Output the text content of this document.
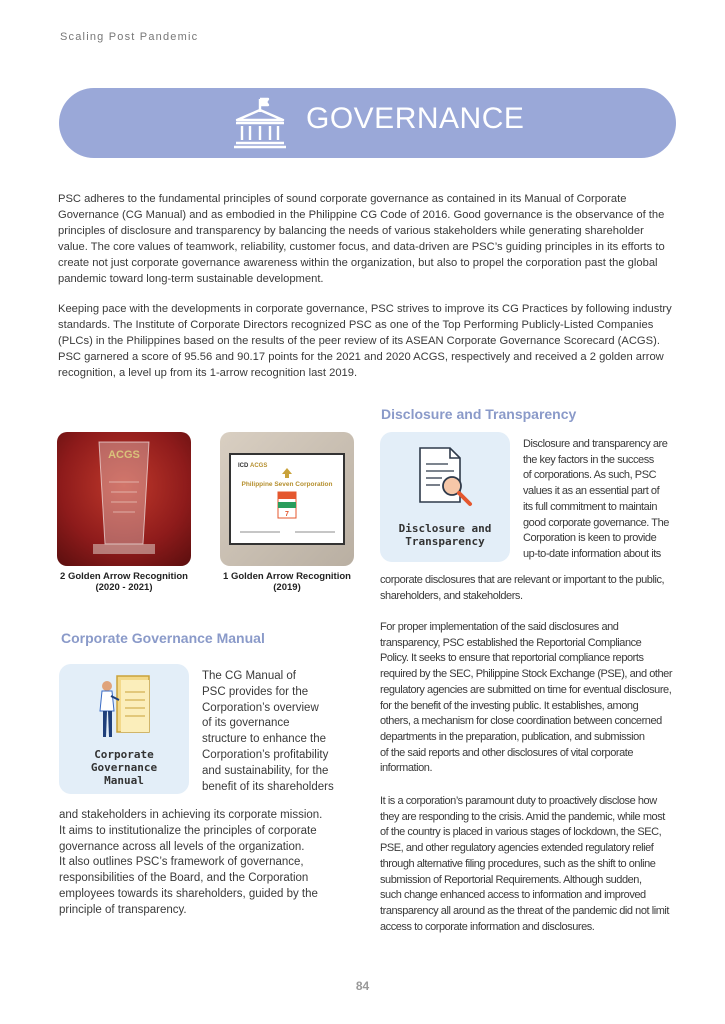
Scaling Post Pandemic
GOVERNANCE
PSC adheres to the fundamental principles of sound corporate governance as contained in its Manual of Corporate Governance (CG Manual) and as embodied in the Philippine CG Code of 2016. Good governance is the observance of the principles of disclosure and transparency by balancing the needs of various stakeholders while generating shareholder value. The core values of teamwork, reliability, customer focus, and data-driven are PSC’s guiding principles in its efforts to create not just corporate governance awareness within the organization, but also to propel the corporation past the global pandemic toward long-term sustainable development.
Keeping pace with the developments in corporate governance, PSC strives to improve its CG Practices by following industry standards. The Institute of Corporate Directors recognized PSC as one of the Top Performing Publicly-Listed Companies (PLCs) in the Philippines based on the results of the peer review of its ASEAN Corporate Governance Scorecard (ACGS). PSC garnered a score of 95.56 and 90.17 points for the 2021 and 2020 ACGS, respectively and received a 2 golden arrow recognition, a level up from its 1-arrow recognition last 2019.
ACGS
ICD ACGS
Philippine Seven Corporation
7
2 Golden Arrow Recognition
(2020 - 2021)
1 Golden Arrow Recognition
(2019)
Corporate Governance Manual
Corporate
Governance
Manual
The CG Manual of
PSC provides for the
Corporation’s overview
of its governance
structure to enhance the
Corporation’s profitability
and sustainability, for the
benefit of its shareholders
and stakeholders in achieving its corporate mission.
It aims to institutionalize the principles of corporate
governance across all levels of the organization.
It also outlines PSC’s framework of governance,
responsibilities of the Board, and the Corporation
employees towards its shareholders, guided by the
principle of transparency.
Disclosure and Transparency
Disclosure and
Transparency
Disclosure and transparency are
the key factors in the success
of corporations. As such, PSC
values it as an essential part of
its full commitment to maintain
good corporate governance. The
Corporation is keen to provide
up-to-date information about its
corporate disclosures that are relevant or important to the public,
shareholders, and stakeholders.
For proper implementation of the said disclosures and
transparency, PSC established the Reportorial Compliance
Policy. It seeks to ensure that reportorial compliance reports
required by the SEC, Philippine Stock Exchange (PSE), and other
regulatory agencies are submitted on time for eventual disclosure,
for the benefit of the investing public. It establishes, among
others, a mechanism for close coordination between concerned
departments in the preparation, publication, and submission
of the said reports and other disclosures of vital corporate
information.
It is a corporation’s paramount duty to proactively disclose how
they are responding to the crisis. Amid the pandemic, while most
of the country is placed in various stages of lockdown, the SEC,
PSE, and other regulatory agencies extended regulatory relief
through alternative filing procedures, such as the shift to online
submission of Reportorial Requirements. Although sudden,
such change enhanced access to information and improved
transparency all around as the threat of the pandemic did not limit
access to corporate information and disclosures.
84
